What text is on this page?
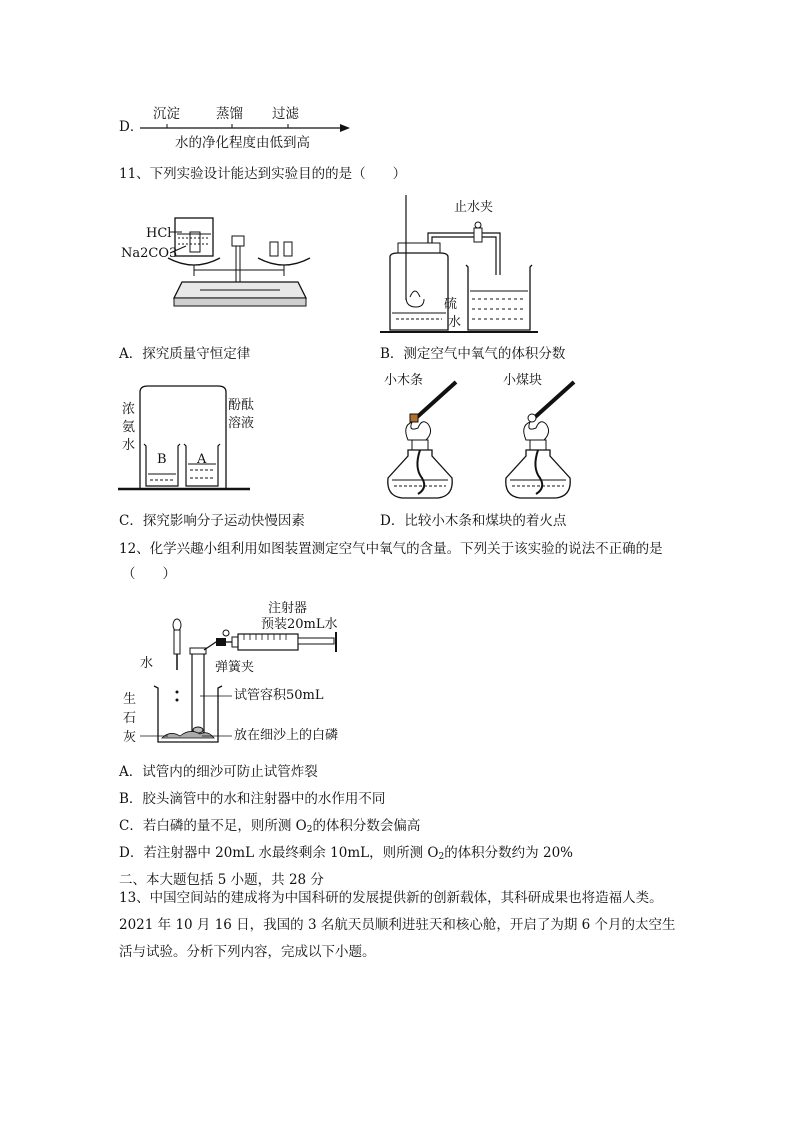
D．
沉淀	蒸馏 过滤
水的净化程度由低到高
11、下列实验设计能达到实验目的的是（　　）
HCl
Na2CO3
止水夹
硫
水
A．探究质量守恒定律	B．测定空气中氧气的体积分数
浓
氨
水
酚酞
溶液
B A
小木条	小煤块
C．探究影响分子运动快慢因素	D．比较小木条和煤块的着火点
12、化学兴趣小组利用如图装置测定空气中氧气的含量。下列关于该实验的说法不正确的是
（　　）
注射器
预装20mL水
水	弹簧夹
生
石
灰
试管容积50mL
放在细沙上的白磷
A．试管内的细沙可防止试管炸裂
B．胶头滴管中的水和注射器中的水作用不同
C．若白磷的量不足，则所测 $O_2$的体积分数会偏高
D．若注射器中 20mL 水最终剩余 10mL，则所测 $O_2$的体积分数约为 20%
二、本大题包括 5 小题，共 28 分
13、中国空间站的建成将为中国科研的发展提供新的创新载体，其科研成果也将造福人类。
2021 年 10 月 16 日，我国的 3 名航天员顺利进驻天和核心舱，开启了为期 6 个月的太空生
活与试验。分析下列内容，完成以下小题。
